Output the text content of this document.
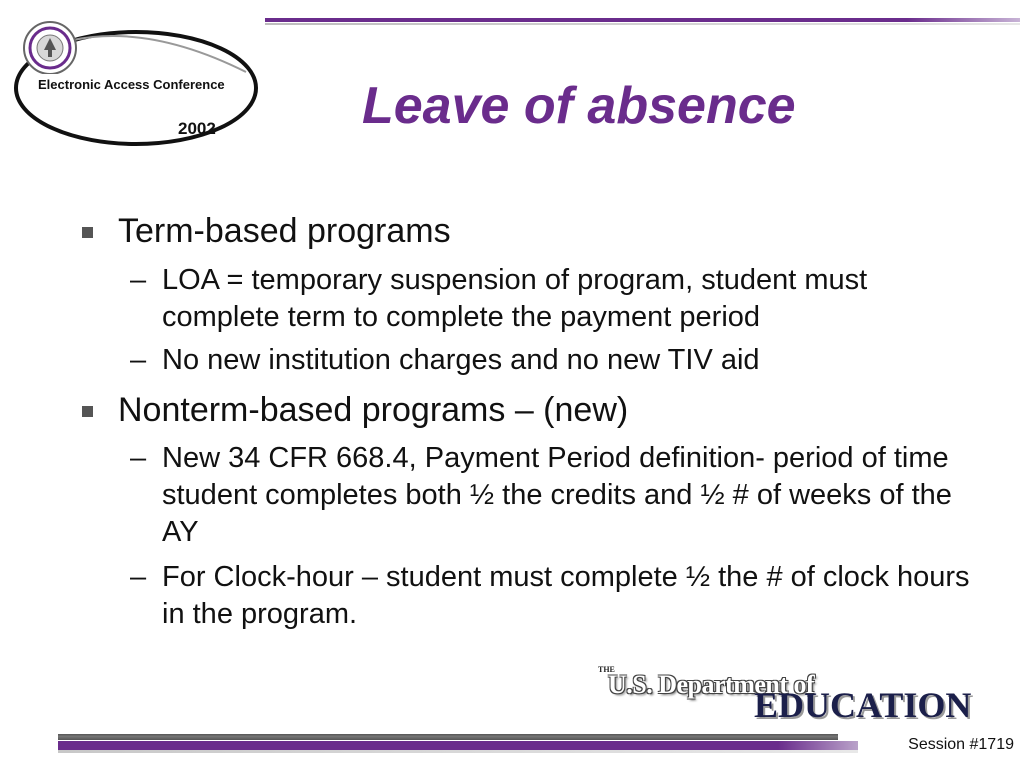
Electronic Access Conference
2002	Leave of absence
Term-based programs
– LOA = temporary suspension of program, student must complete term to complete the payment period
– No new institution charges and no new TIV aid
Nonterm-based programs – (new)
– New 34 CFR 668.4, Payment Period definition- period of time student completes both ½ the credits and ½ # of weeks of the AY
– For Clock-hour – student must complete ½ the # of clock hours in the program.
THE
U.S. Department of
EDUCATION
Session #1719
